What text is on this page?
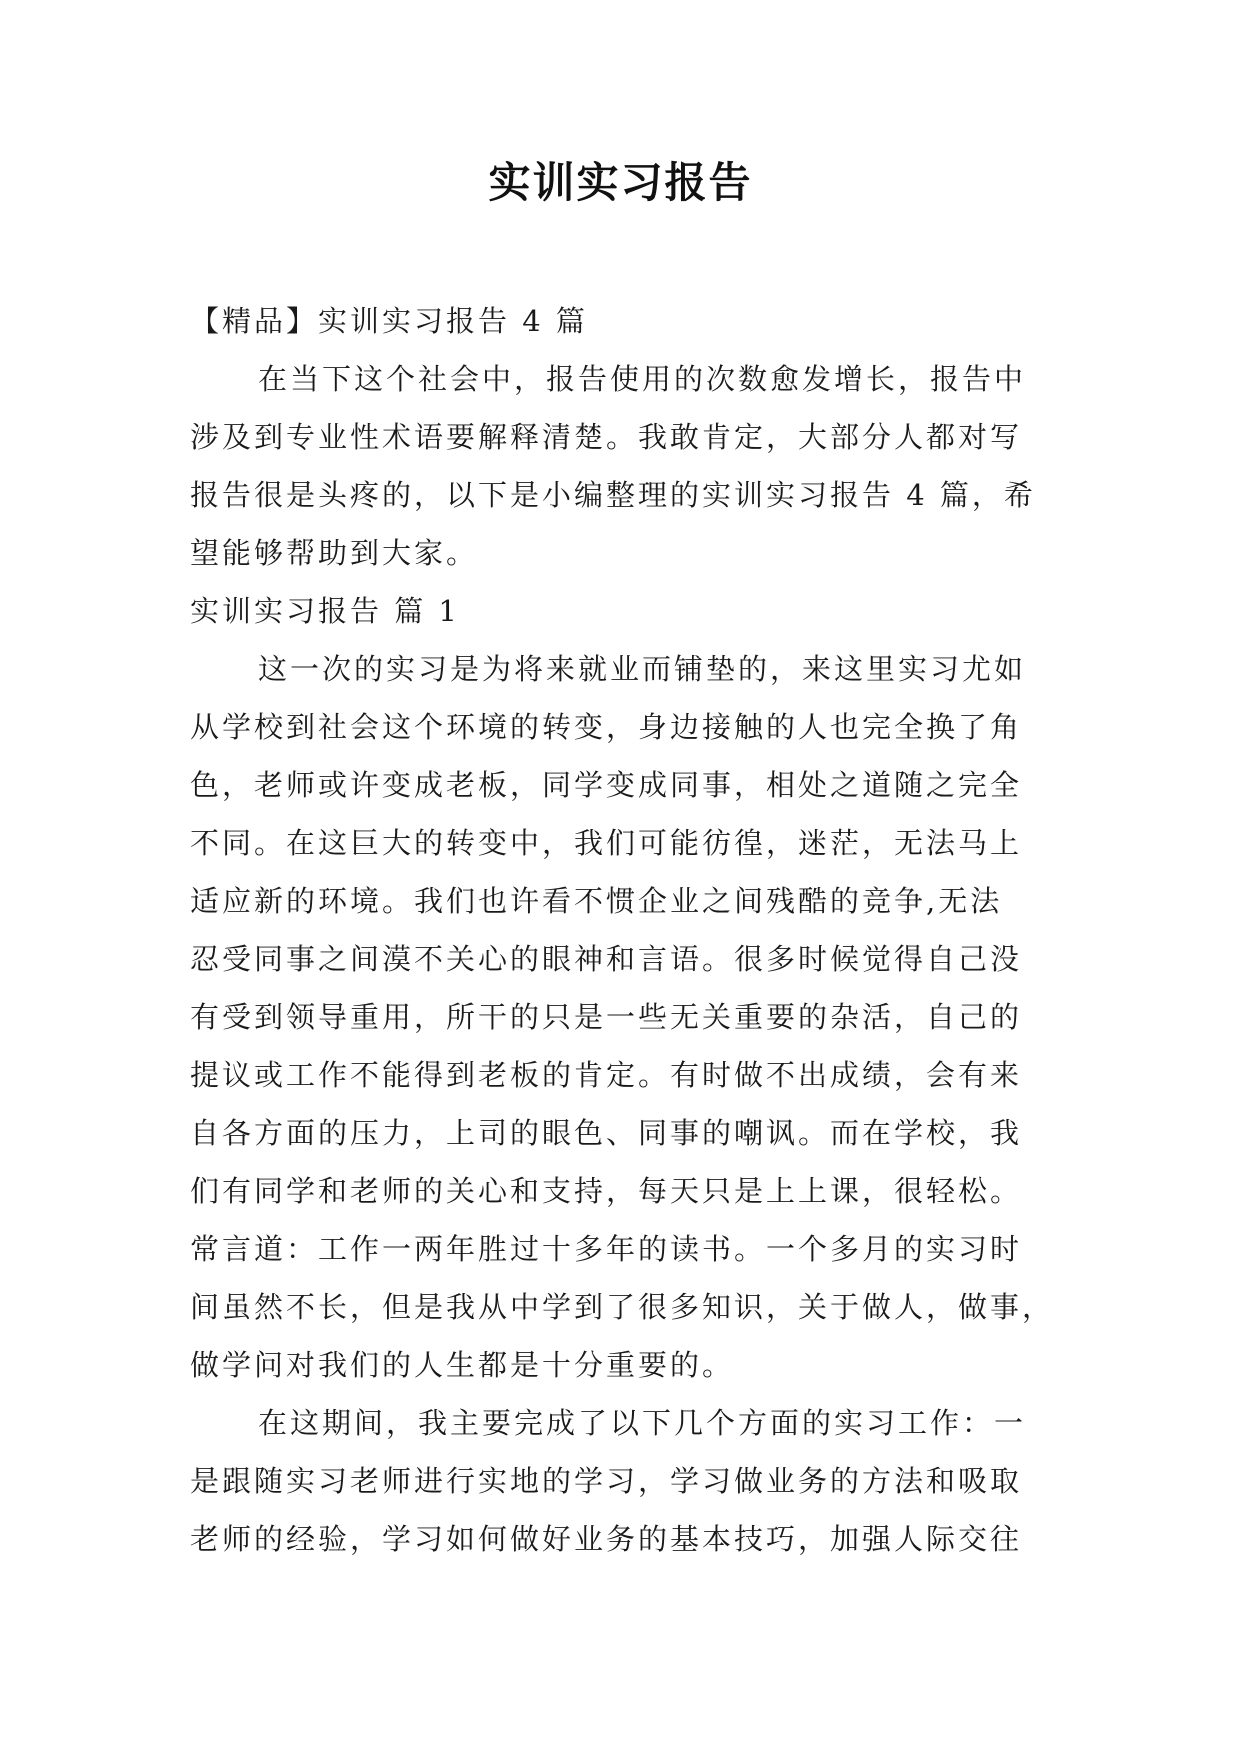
实训实习报告
【精品】实训实习报告 4 篇
在当下这个社会中，报告使用的次数愈发增长，报告中
涉及到专业性术语要解释清楚。我敢肯定，大部分人都对写
报告很是头疼的，以下是小编整理的实训实习报告 4 篇，希
望能够帮助到大家。
实训实习报告 篇 1
这一次的实习是为将来就业而铺垫的，来这里实习尤如
从学校到社会这个环境的转变，身边接触的人也完全换了角
色，老师或许变成老板，同学变成同事，相处之道随之完全
不同。在这巨大的转变中，我们可能彷徨，迷茫，无法马上
适应新的环境。我们也许看不惯企业之间残酷的竞争,无法
忍受同事之间漠不关心的眼神和言语。很多时候觉得自己没
有受到领导重用，所干的只是一些无关重要的杂活，自己的
提议或工作不能得到老板的肯定。有时做不出成绩，会有来
自各方面的压力，上司的眼色、同事的嘲讽。而在学校，我
们有同学和老师的关心和支持，每天只是上上课，很轻松。
常言道：工作一两年胜过十多年的读书。一个多月的实习时
间虽然不长，但是我从中学到了很多知识，关于做人，做事，
做学问对我们的人生都是十分重要的。
在这期间，我主要完成了以下几个方面的实习工作：一
是跟随实习老师进行实地的学习，学习做业务的方法和吸取
老师的经验，学习如何做好业务的基本技巧，加强人际交往
